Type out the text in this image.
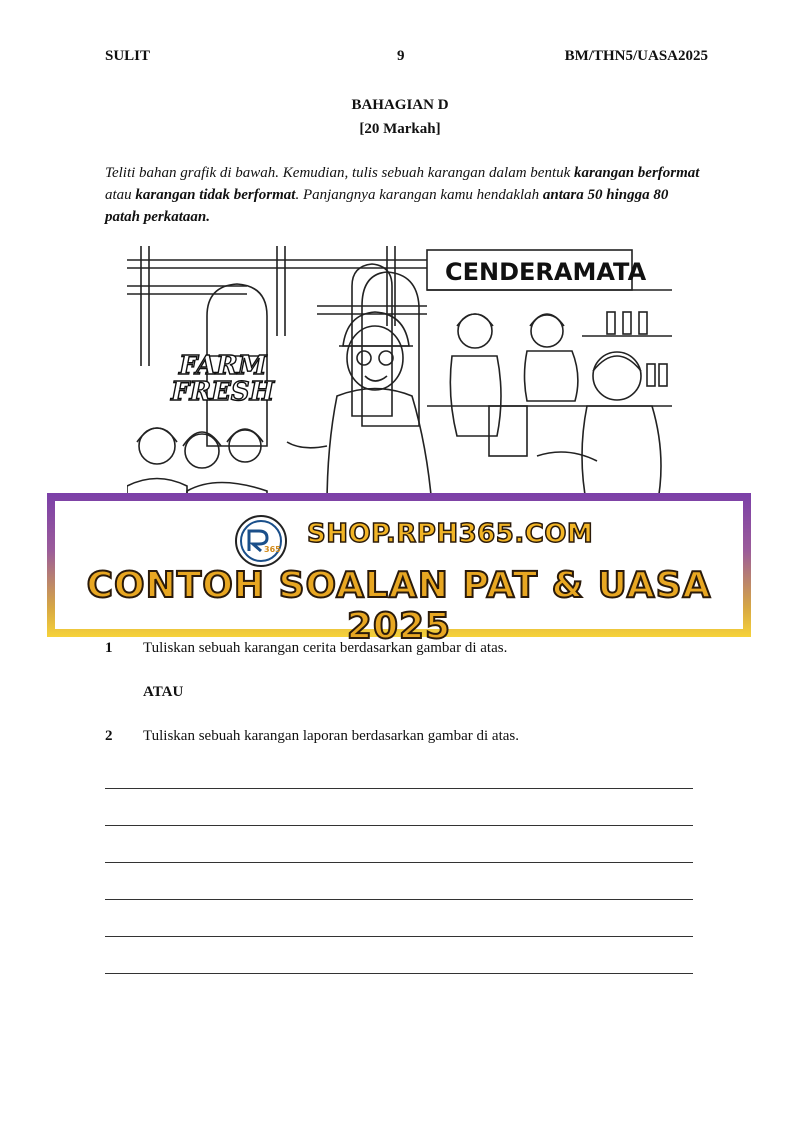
SULIT	9	BM/THN5/UASA2025
BAHAGIAN D
[20 Markah]
Teliti bahan grafik di bawah. Kemudian, tulis sebuah karangan dalam bentuk karangan berformat atau karangan tidak berformat. Panjangnya karangan kamu hendaklah antara 50 hingga 80 patah perkataan.
CENDERAMATA
FARM
FRESH
365
SHOP.RPH365.COM
CONTOH SOALAN PAT & UASA 2025
1 Tuliskan sebuah karangan cerita berdasarkan gambar di atas.
ATAU
2 Tuliskan sebuah karangan laporan berdasarkan gambar di atas.
